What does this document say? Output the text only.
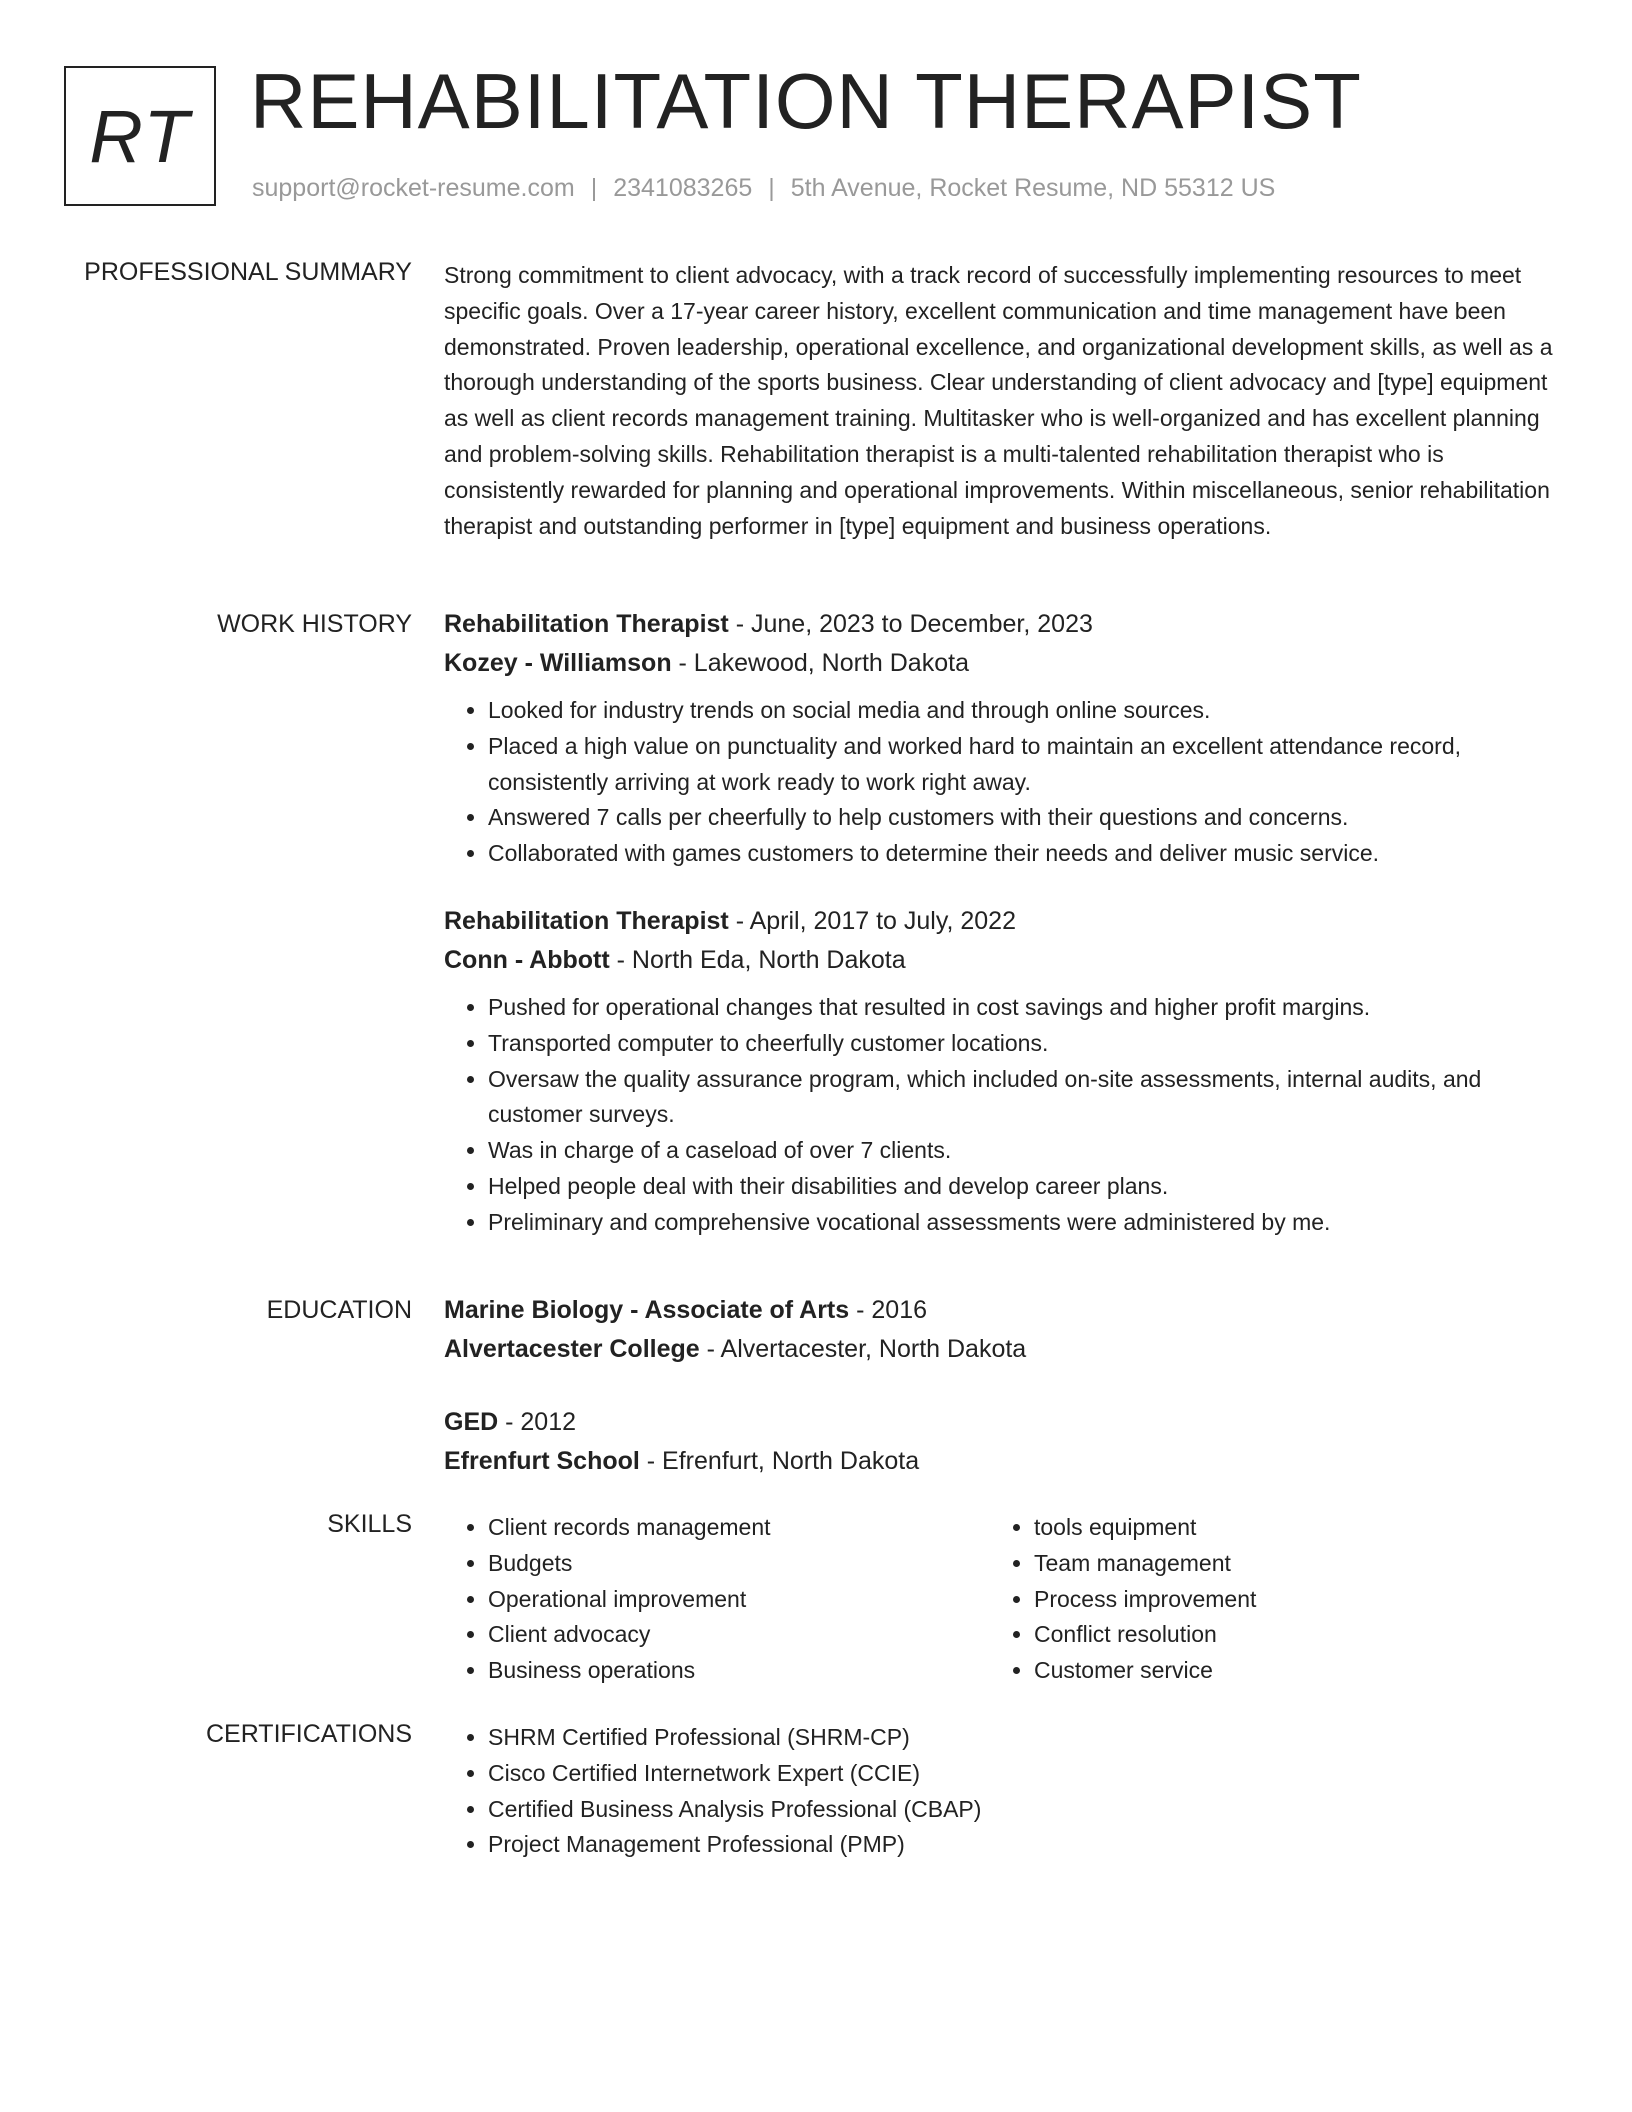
RT REHABILITATION THERAPIST
support@rocket-resume.com | 2341083265 | 5th Avenue, Rocket Resume, ND 55312 US
PROFESSIONAL SUMMARY Strong commitment to client advocacy, with a track record of successfully implementing resources to meet specific goals. Over a 17-year career history, excellent communication and time management have been demonstrated. Proven leadership, operational excellence, and organizational development skills, as well as a thorough understanding of the sports business. Clear understanding of client advocacy and [type] equipment as well as client records management training. Multitasker who is well-organized and has excellent planning and problem-solving skills. Rehabilitation therapist is a multi-talented rehabilitation therapist who is consistently rewarded for planning and operational improvements. Within miscellaneous, senior rehabilitation therapist and outstanding performer in [type] equipment and business operations.

WORK HISTORY Rehabilitation Therapist - June, 2023 to December, 2023
Kozey - Williamson - Lakewood, North Dakota
• Looked for industry trends on social media and through online sources.
• Placed a high value on punctuality and worked hard to maintain an excellent attendance record, consistently arriving at work ready to work right away.
• Answered 7 calls per cheerfully to help customers with their questions and concerns.
• Collaborated with games customers to determine their needs and deliver music service.
Rehabilitation Therapist - April, 2017 to July, 2022
Conn - Abbott - North Eda, North Dakota
• Pushed for operational changes that resulted in cost savings and higher profit margins.
• Transported computer to cheerfully customer locations.
• Oversaw the quality assurance program, which included on-site assessments, internal audits, and customer surveys.
• Was in charge of a caseload of over 7 clients.
• Helped people deal with their disabilities and develop career plans.
• Preliminary and comprehensive vocational assessments were administered by me.
EDUCATION Marine Biology - Associate of Arts - 2016
Alvertacester College - Alvertacester, North Dakota
GED - 2012
Efrenfurt School - Efrenfurt, North Dakota
SKILLS	• Client records management
• Budgets
• Operational improvement
• Client advocacy
• Business operations
• tools equipment
• Team management
• Process improvement
• Conflict resolution
• Customer service
CERTIFICATIONS	• SHRM Certified Professional (SHRM-CP)
• Cisco Certified Internetwork Expert (CCIE)
• Certified Business Analysis Professional (CBAP)
• Project Management Professional (PMP)
